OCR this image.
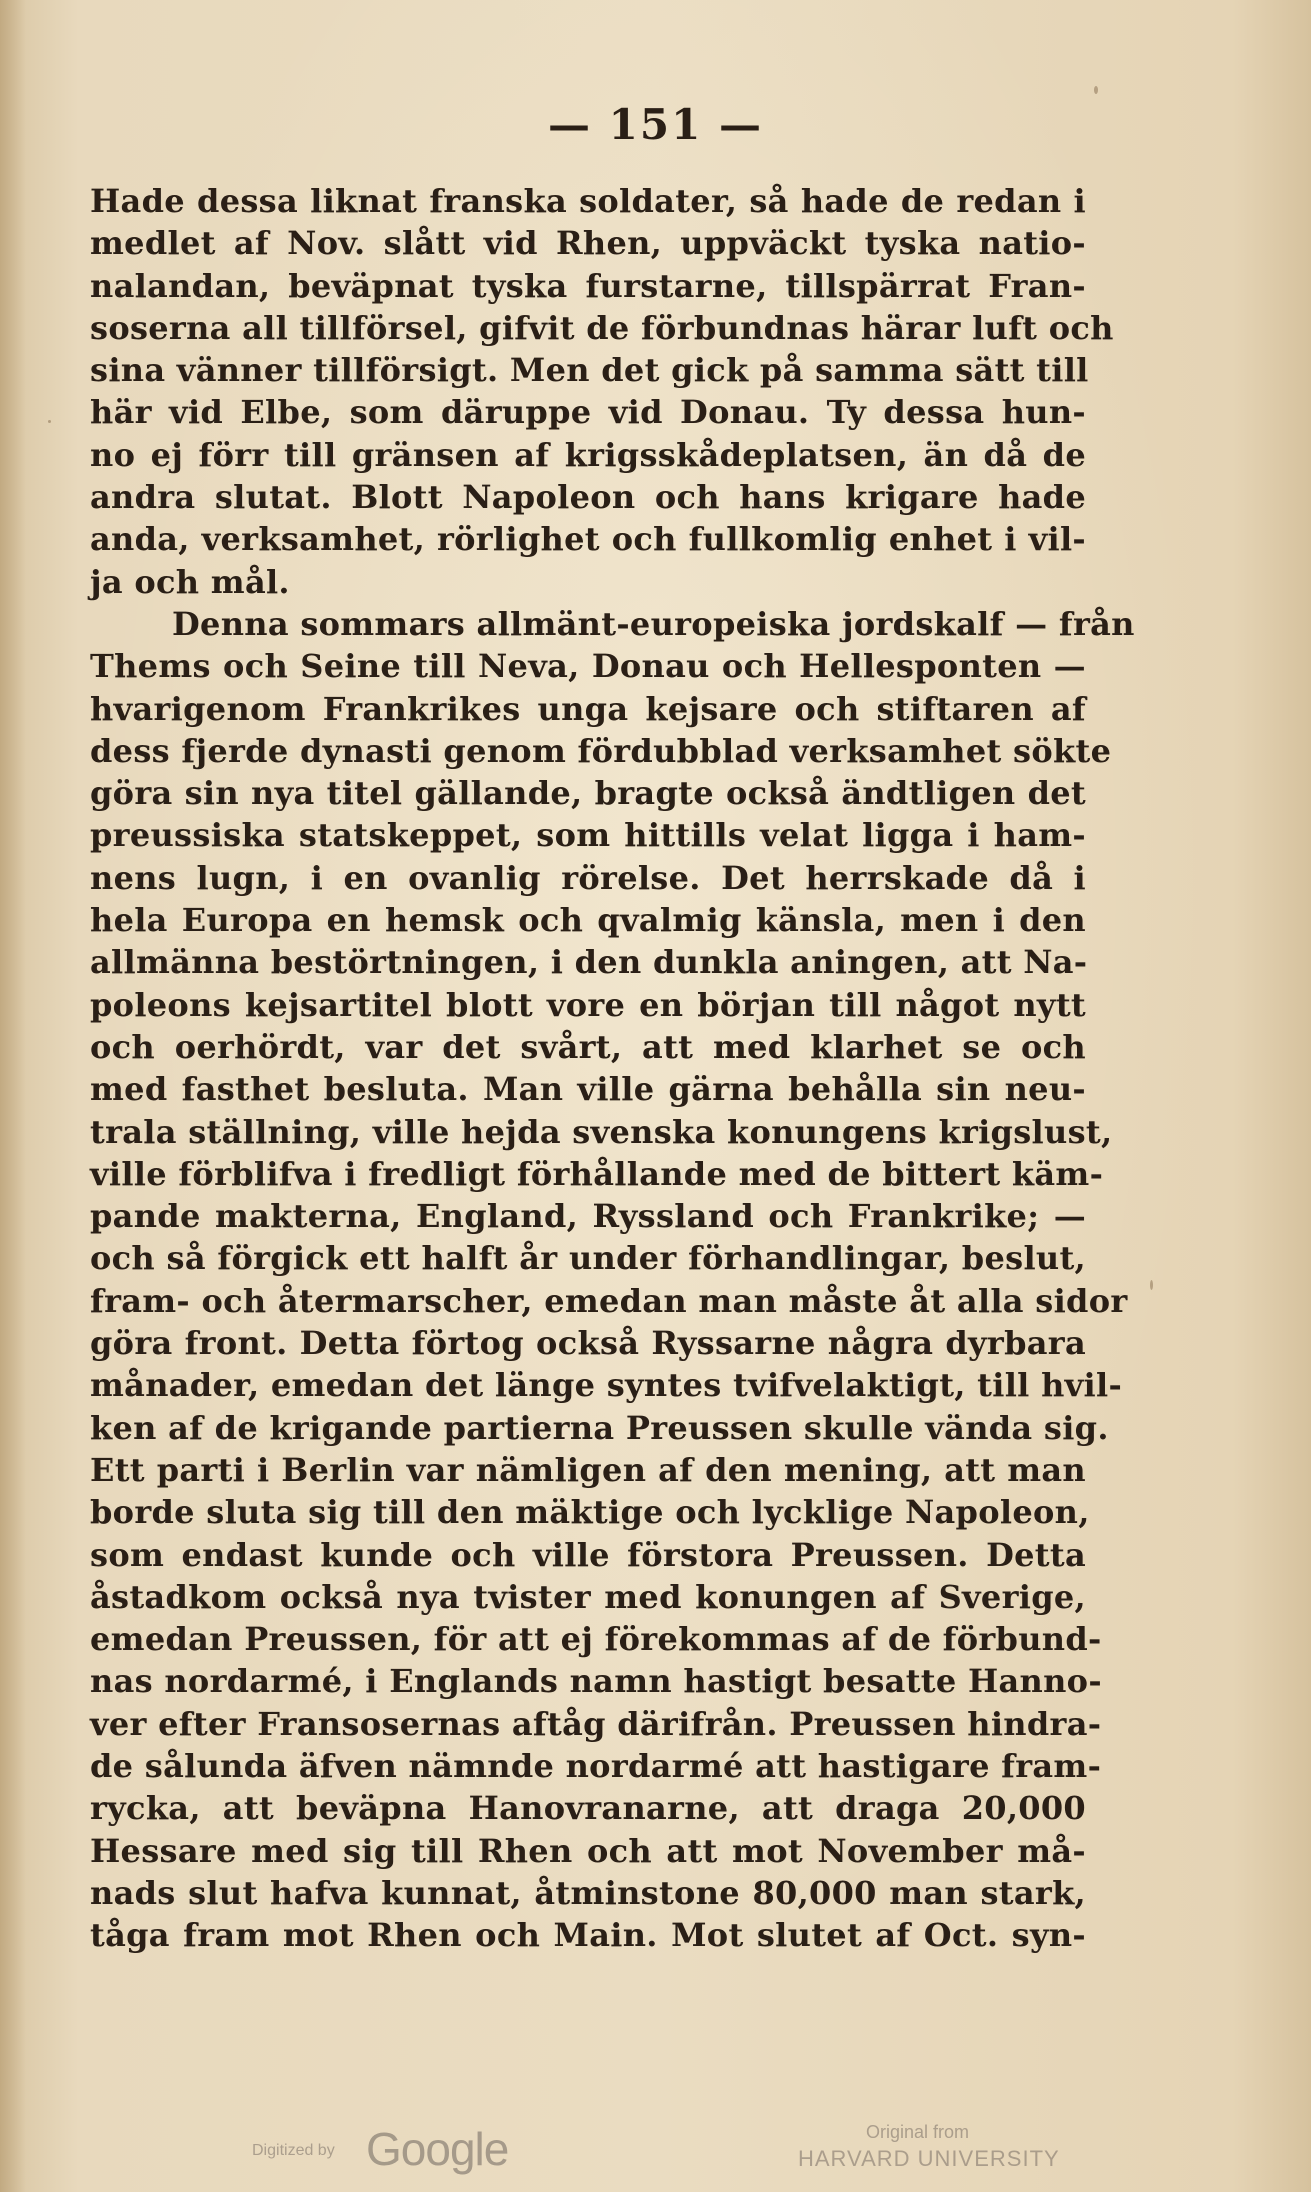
— 151 —
Hade dessa liknat franska soldater, så hade de redan i
medlet af Nov. slått vid Rhen, uppväckt tyska natio-
nalandan, beväpnat tyska furstarne, tillspärrat Fran-
soserna all tillförsel, gifvit de förbundnas härar luft och
sina vänner tillförsigt. Men det gick på samma sätt till
här vid Elbe, som däruppe vid Donau. Ty dessa hun-
no ej förr till gränsen af krigsskådeplatsen, än då de
andra slutat. Blott Napoleon och hans krigare hade
anda, verksamhet, rörlighet och fullkomlig enhet i vil-
ja och mål.
Denna sommars allmänt-europeiska jordskalf — från
Thems och Seine till Neva, Donau och Hellesponten —
hvarigenom Frankrikes unga kejsare och stiftaren af
dess fjerde dynasti genom fördubblad verksamhet sökte
göra sin nya titel gällande, bragte också ändtligen det
preussiska statskeppet, som hittills velat ligga i ham-
nens lugn, i en ovanlig rörelse. Det herrskade då i
hela Europa en hemsk och qvalmig känsla, men i den
allmänna bestörtningen, i den dunkla aningen, att Na-
poleons kejsartitel blott vore en början till något nytt
och oerhördt, var det svårt, att med klarhet se och
med fasthet besluta. Man ville gärna behålla sin neu-
trala ställning, ville hejda svenska konungens krigslust,
ville förblifva i fredligt förhållande med de bittert käm-
pande makterna, England, Ryssland och Frankrike; —
och så förgick ett halft år under förhandlingar, beslut,
fram- och återmarscher, emedan man måste åt alla sidor
göra front. Detta förtog också Ryssarne några dyrbara
månader, emedan det länge syntes tvifvelaktigt, till hvil-
ken af de krigande partierna Preussen skulle vända sig.
Ett parti i Berlin var nämligen af den mening, att man
borde sluta sig till den mäktige och lycklige Napoleon,
som endast kunde och ville förstora Preussen. Detta
åstadkom också nya tvister med konungen af Sverige,
emedan Preussen, för att ej förekommas af de förbund-
nas nordarmé, i Englands namn hastigt besatte Hanno-
ver efter Fransosernas aftåg därifrån. Preussen hindra-
de sålunda äfven nämnde nordarmé att hastigare fram-
rycka, att beväpna Hanovranarne, att draga 20,000
Hessare med sig till Rhen och att mot November må-
nads slut hafva kunnat, åtminstone 80,000 man stark,
tåga fram mot Rhen och Main. Mot slutet af Oct. syn-
Digitized by Google	Original from
HARVARD UNIVERSITY
